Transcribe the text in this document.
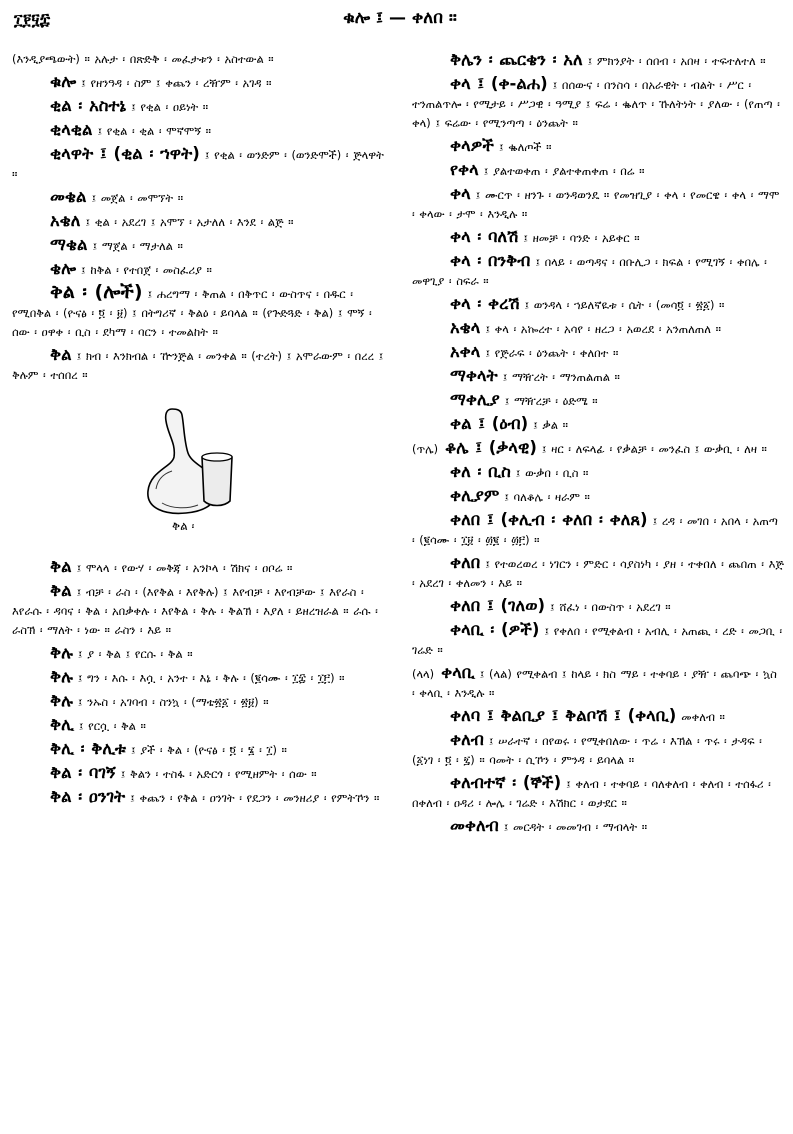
፲፻፶፰	ቁሎ ፤ — ቀለበ ።
(እንዲያጫውት) ። አሉታ ፡ በጽድቅ ፡ መፈታቱን ፡ አስተውል ።
ቁሎ ፤ የዘንዓዳ ፡ ስም ፤ ቀጨን ፡ ረዥም ፡ አገዳ ።
ቂል ፡ አስተኔ ፤ የቂል ፡ ዐይነት ።
ቂላቂል ፤ የቂል ፡ ቂል ፡ ሞኛሞኝ ።
ቂላዋት ፤ (ቂል ፡ ኀዋት) ፤ የቂል ፡ ወንድም ፡ (ወንድሞች) ፡ ጅላዋት ።
መቄል ፤ መጀል ፡ መሞኘት ።
አቄለ ፤ ቂል ፡ አደረገ ፤ አሞኘ ፡ አታለለ ፡ እንደ ፡ ልጅ ።
ማቄል ፤ ማጀል ፡ ማታለል ።
ቄሎ ፤ ከቅል ፡ የተበጀ ፡ መስፈሪያ ።
ቅል ፡ (ሎች) ፤ ሐረግማ ፡ ቅጠል ፡ በቅጥር ፡ ውስጥና ፡ በዱር ፡ የሚበቅል ፡ (ዮናፅ ፡ ፬ ፡ ፱) ፤ በትግሪኛ ፡ ቅልዕ ፡ ይባላል ። (የጕድጓድ ፡ ቅል) ፤ ሞኝ ፡ ሰው ፡ ዐዋቀ ፡ ቢስ ፡ ደካማ ፡ ባርን ፡ ተመልከት ።
ቅል ፤ ክብ ፡ እንክብል ፡ ዅንጅል ፡ መንቀል ። (ተረት) ፤ አሞራውም ፡ በረረ ፤ ቅሉም ፡ ተሰበረ ።
ቅል ፡
ቅል ፤ ሞላላ ፡ የውሃ ፡ መቅጃ ፡ አንኮላ ፡ ሽክና ፡ ዐቦሬ ።
ቅል ፤ ብቻ ፡ ራስ ፡ (እየቅል ፡ እየቅሉ) ፤ እየብቻ ፡ እየብቻው ፤ እየራስ ፡ እየራሱ ፡ ዳባና ፡ ቅል ፡ አበቃቀሉ ፡ እየቅል ፡ ቅሉ ፡ ቅልኽ ፡ እያለ ፡ ይዘረዝራል ። ራሱ ፡ ራስኽ ፡ ማለት ፡ ነው ። ራስን ፡ እይ ።
ቅሉ ፤ ያ ፡ ቅል ፤ የርሱ ፡ ቅል ።
ቅሉ ፤ ግን ፡ እሱ ፡ እሷ ፡ አንተ ፡ እኔ ፡ ቅሉ ፡ (፪ሳሙ ፡ ፲፰ ፡ ፲፫) ።
ቅሉ ፤ ንኡስ ፡ አገባብ ፡ ስንኳ ፡ (ማቴ፳፩ ፡ ፳፱) ።
ቅሊ ፤ የርሷ ፡ ቅል ።
ቅሊ ፡ ቅሊቱ ፤ ያች ፡ ቅል ፡ (ዮናፅ ፡ ፬ ፡ ፮ ፡ ፲) ።
ቅል ፡ ባገኝ ፤ ቅልን ፡ ተስፋ ፡ አድርጎ ፡ የሚዘምት ፡ ሰው ።
ቅል ፡ ዐንገት ፤ ቀጨን ፡ የቅል ፡ ዐንገት ፡ የደጋን ፡ መንዘሪያ ፡ የምትኾን ።
ቅሌን ፡ ጨርቄን ፡ አለ ፤ ምክንያት ፡ ሰበብ ፡ አበዛ ፡ ተፍተለተለ ።
ቀላ ፤ (ቀ-ልሐ) ፤ በሰውና ፡ በንስሳ ፡ በአራዊት ፡ ብልት ፡ ሥር ፡ ተንጠልጥሎ ፡ የሚታይ ፡ ሥጋዊ ፡ ዓሚያ ፤ ፍሬ ፡ ቈለጥ ፡ ኹለትነት ፡ ያለው ፡ (የጠጣ ፡ ቀላ) ፤ ፍሬው ፡ የሚንጣጣ ፡ ዕንጨት ።
ቀላዎች ፤ ቈለጦች ።
የቀላ ፤ ያልተወቀጠ ፡ ያልተቀጠቀጠ ፡ በሬ ።
ቀላ ፤ ሙርጥ ፡ ዘንጉ ፡ ወንዳወንዴ ። የመዝጊያ ፡ ቀላ ፡ የመርዌ ፡ ቀላ ፡ ማሞ ፡ ቀላው ፡ ታሞ ፡ እንዲሉ ።
ቀላ ፡ ባለሽ ፤ ዘመቻ ፡ ባንድ ፡ አይቀር ።
ቀላ ፡ በንቅብ ፤ በላይ ፡ ወጣዳና ፡ በቡሊጋ ፡ ክፍል ፡ የሚገኝ ፡ ቀበሌ ፡ መዋጊያ ፡ ስፍራ ።
ቀላ ፡ ቀረሽ ፤ ወንዳላ ፡ ኀይለኛዪቱ ፡ ሴት ፡ (መሳ፬ ፡ ፳፩) ።
አቄላ ፤ ቀላ ፡ አኰረተ ፡ አሳየ ፡ ዘረጋ ፡ አወረደ ፡ አንጠለጠለ ።
አቀላ ፤ የጅራፍ ፡ ዕንጨት ፡ ቀለበተ ።
ማቀላት ፤ ማዥረት ፡ ማንጠልጠል ።
ማቀሊያ ፤ ማዥረቻ ፡ ዕድሜ ።
ቀል ፤ (ዕብ) ፤ ቃል ።
(ጥሌ) ቆሌ ፤ (ቃላዊ) ፤ ዛር ፡ ለፍላፊ ፡ የቃልቻ ፡ መንፈስ ፤ ውቃቢ ፡ ለዛ ።
ቀለ ፡ ቢስ ፤ ውቃበ ፡ ቢስ ።
ቀሊያም ፤ ባለቆሌ ፡ ዛራም ።
ቀለበ ፤ (ቀሊብ ፡ ቀለበ ፡ ቀለጸ) ፤ ረዳ ፡ መገበ ፡ አበላ ፡ አጠጣ ፡ (፪ሳሙ ፡ ፲፱ ፡ ፴፪ ፡ ፴፫) ።
ቀለበ ፤ የተወረወረ ፡ ነገርን ፡ ምድር ፡ ሳያስነካ ፡ ያዘ ፡ ተቀበለ ፡ ጨበጠ ፡ እጅ ፡ አደረገ ፡ ቀለመን ፡ እይ ።
ቀለበ ፤ (ገለወ) ፤ ሸፈነ ፡ በውስጥ ፡ አደረገ ።
ቀላቢ ፡ (ዎች) ፤ የቀለበ ፡ የሚቀልብ ፡ አብሊ ፡ አጠጪ ፡ ረድ ፡ መጋቢ ፡ ገሬድ ።
(ላላ) ቀላቢ ፤ (ላል) የሚቀልብ ፤ ከላይ ፡ ክስ ማይ ፡ ተቀባይ ፡ ያዥ ፡ ጨባጭ ፡ ኳስ ፡ ቀላቢ ፡ እንዲሉ ።
ቀለባ ፤ ቅልቢያ ፤ ቅልቦሽ ፤ (ቀላቢ) መቀለብ ።
ቀለብ ፤ ሠራተኛ ፡ በየወሩ ፡ የሚቀበለው ፡ ጥሬ ፡ እኽል ፡ ጥሩ ፡ ታዳፍ ፡ (፩ነገ ፡ ፬ ፡ ፯) ። ባመት ፡ ሲኾን ፡ ምንዳ ፡ ይባላል ።
ቀለብተኛ ፡ (ኞች) ፤ ቀለብ ፡ ተቀባይ ፡ ባለቀለብ ፡ ቀለብ ፡ ተሰፋሪ ፡ በቀለብ ፡ ዐዳሪ ፡ ሎሌ ፡ ገሬድ ፡ እሽክር ፡ ወታደር ።
መቀለብ ፤ መርዳት ፡ መመገብ ፡ ማብላት ።
